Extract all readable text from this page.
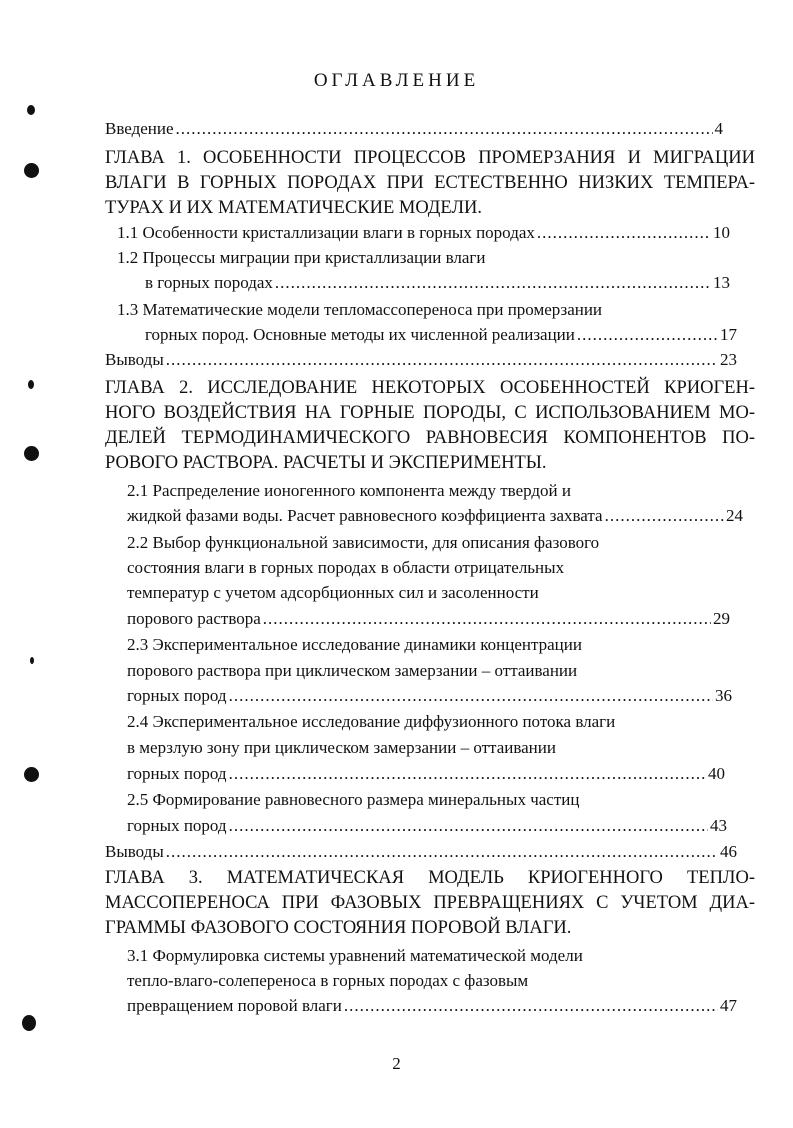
ОГЛАВЛЕНИЕ
Введение .....	4
ГЛАВА 1. ОСОБЕННОСТИ ПРОЦЕССОВ ПРОМЕРЗАНИЯ И МИГРАЦИИ
ВЛАГИ В ГОРНЫХ ПОРОДАХ ПРИ ЕСТЕСТВЕННО НИЗКИХ ТЕМПЕРА-
ТУРАХ И ИХ МАТЕМАТИЧЕСКИЕ МОДЕЛИ.
1.1 Особенности кристаллизации влаги в горных породах .....	10
1.2 Процессы миграции при кристаллизации влаги
в горных породах .....	13
1.3 Математические модели тепломассопереноса при промерзании
горных пород. Основные методы их численной реализации .....	17
Выводы .....	23
ГЛАВА 2. ИССЛЕДОВАНИЕ НЕКОТОРЫХ ОСОБЕННОСТЕЙ КРИОГЕН-
НОГО ВОЗДЕЙСТВИЯ НА ГОРНЫЕ ПОРОДЫ, С ИСПОЛЬЗОВАНИЕМ МО-
ДЕЛЕЙ ТЕРМОДИНАМИЧЕСКОГО РАВНОВЕСИЯ КОМПОНЕНТОВ ПО-
РОВОГО РАСТВОРА. РАСЧЕТЫ И ЭКСПЕРИМЕНТЫ.
2.1 Распределение ионогенного компонента между твердой и
жидкой фазами воды. Расчет равновесного коэффициента захвата .....	24
2.2 Выбор функциональной зависимости, для описания фазового
состояния влаги в горных породах в области отрицательных
температур с учетом адсорбционных сил и засоленности
порового раствора .....	29
2.3 Экспериментальное исследование динамики концентрации
порового раствора при циклическом замерзании – оттаивании
горных пород .....	36
2.4 Экспериментальное исследование диффузионного потока влаги
в мерзлую зону при циклическом замерзании – оттаивании
горных пород .....	40
2.5 Формирование равновесного размера минеральных частиц
горных пород .....	43
Выводы .....	46
ГЛАВА 3. МАТЕМАТИЧЕСКАЯ МОДЕЛЬ КРИОГЕННОГО ТЕПЛО-
МАССОПЕРЕНОСА ПРИ ФАЗОВЫХ ПРЕВРАЩЕНИЯХ С УЧЕТОМ ДИА-
ГРАММЫ ФАЗОВОГО СОСТОЯНИЯ ПОРОВОЙ ВЛАГИ.
3.1 Формулировка системы уравнений математической модели
тепло-влаго-солепереноса в горных породах с фазовым
превращением поровой влаги .....	47
2
